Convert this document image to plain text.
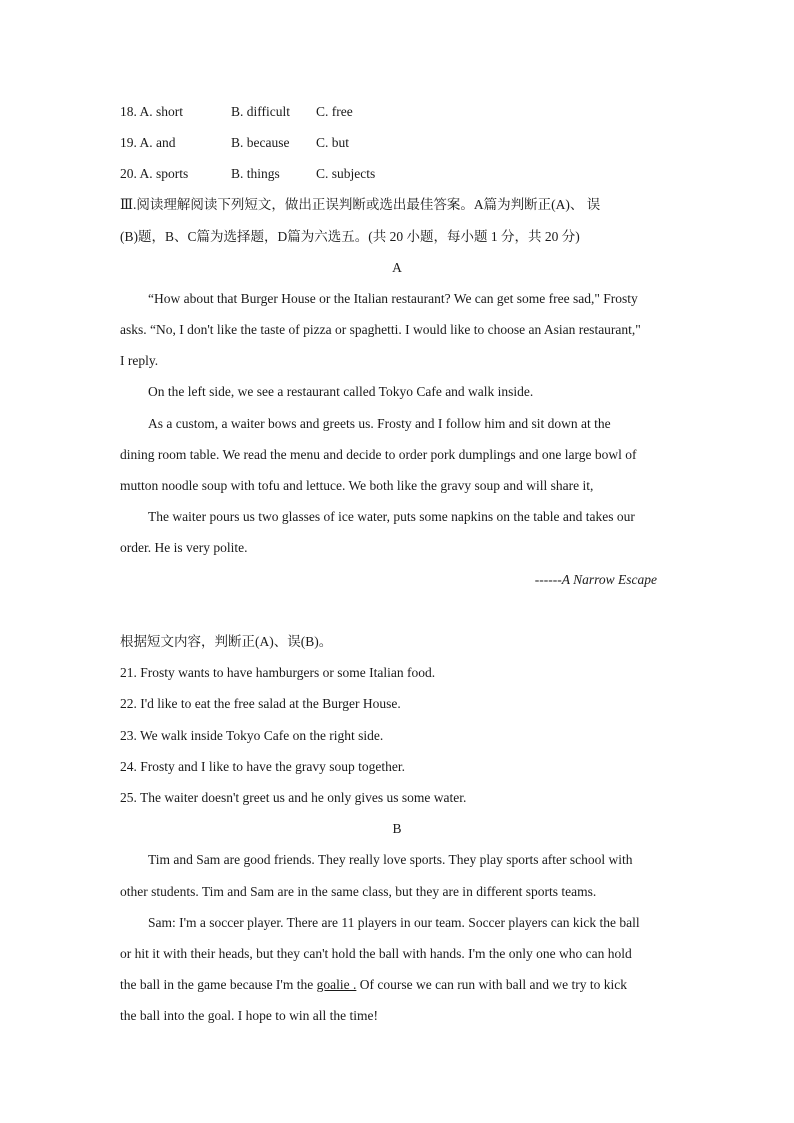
18. A. short	B. difficult C. free
19. A. and	B. because C. but
20. A. sports	B. things	C. subjects
Ⅲ.阅读理解阅读下列短文，做出正误判断或选出最佳答案。A篇为判断正(A)、 误
(B)题，B、C篇为选择题，D篇为六选五。(共 20 小题，每小题 1 分，共 20 分)
A
“How about that Burger House or the Italian restaurant? We can get some free sad," Frosty
asks. “No, I don't like the taste of pizza or spaghetti. I would like to choose an Asian restaurant,"
I reply.
On the left side, we see a restaurant called Tokyo Cafe and walk inside.
As a custom, a waiter bows and greets us. Frosty and I follow him and sit down at the
dining room table. We read the menu and decide to order pork dumplings and one large bowl of
mutton noodle soup with tofu and lettuce. We both like the gravy soup and will share it,
The waiter pours us two glasses of ice water, puts some napkins on the table and takes our
order. He is very polite.
------A Narrow Escape
根据短文内容，判断正(A)、误(B)。
21. Frosty wants to have hamburgers or some Italian food.
22. I'd like to eat the free salad at the Burger House.
23. We walk inside Tokyo Cafe on the right side.
24. Frosty and I like to have the gravy soup together.
25. The waiter doesn't greet us and he only gives us some water.
B
Tim and Sam are good friends. They really love sports. They play sports after school with
other students. Tim and Sam are in the same class, but they are in different sports teams.
Sam: I'm a soccer player. There are 11 players in our team. Soccer players can kick the ball
or hit it with their heads, but they can't hold the ball with hands. I'm the only one who can hold
the ball in the game because I'm the goalie . Of course we can run with ball and we try to kick
the ball into the goal. I hope to win all the time!
